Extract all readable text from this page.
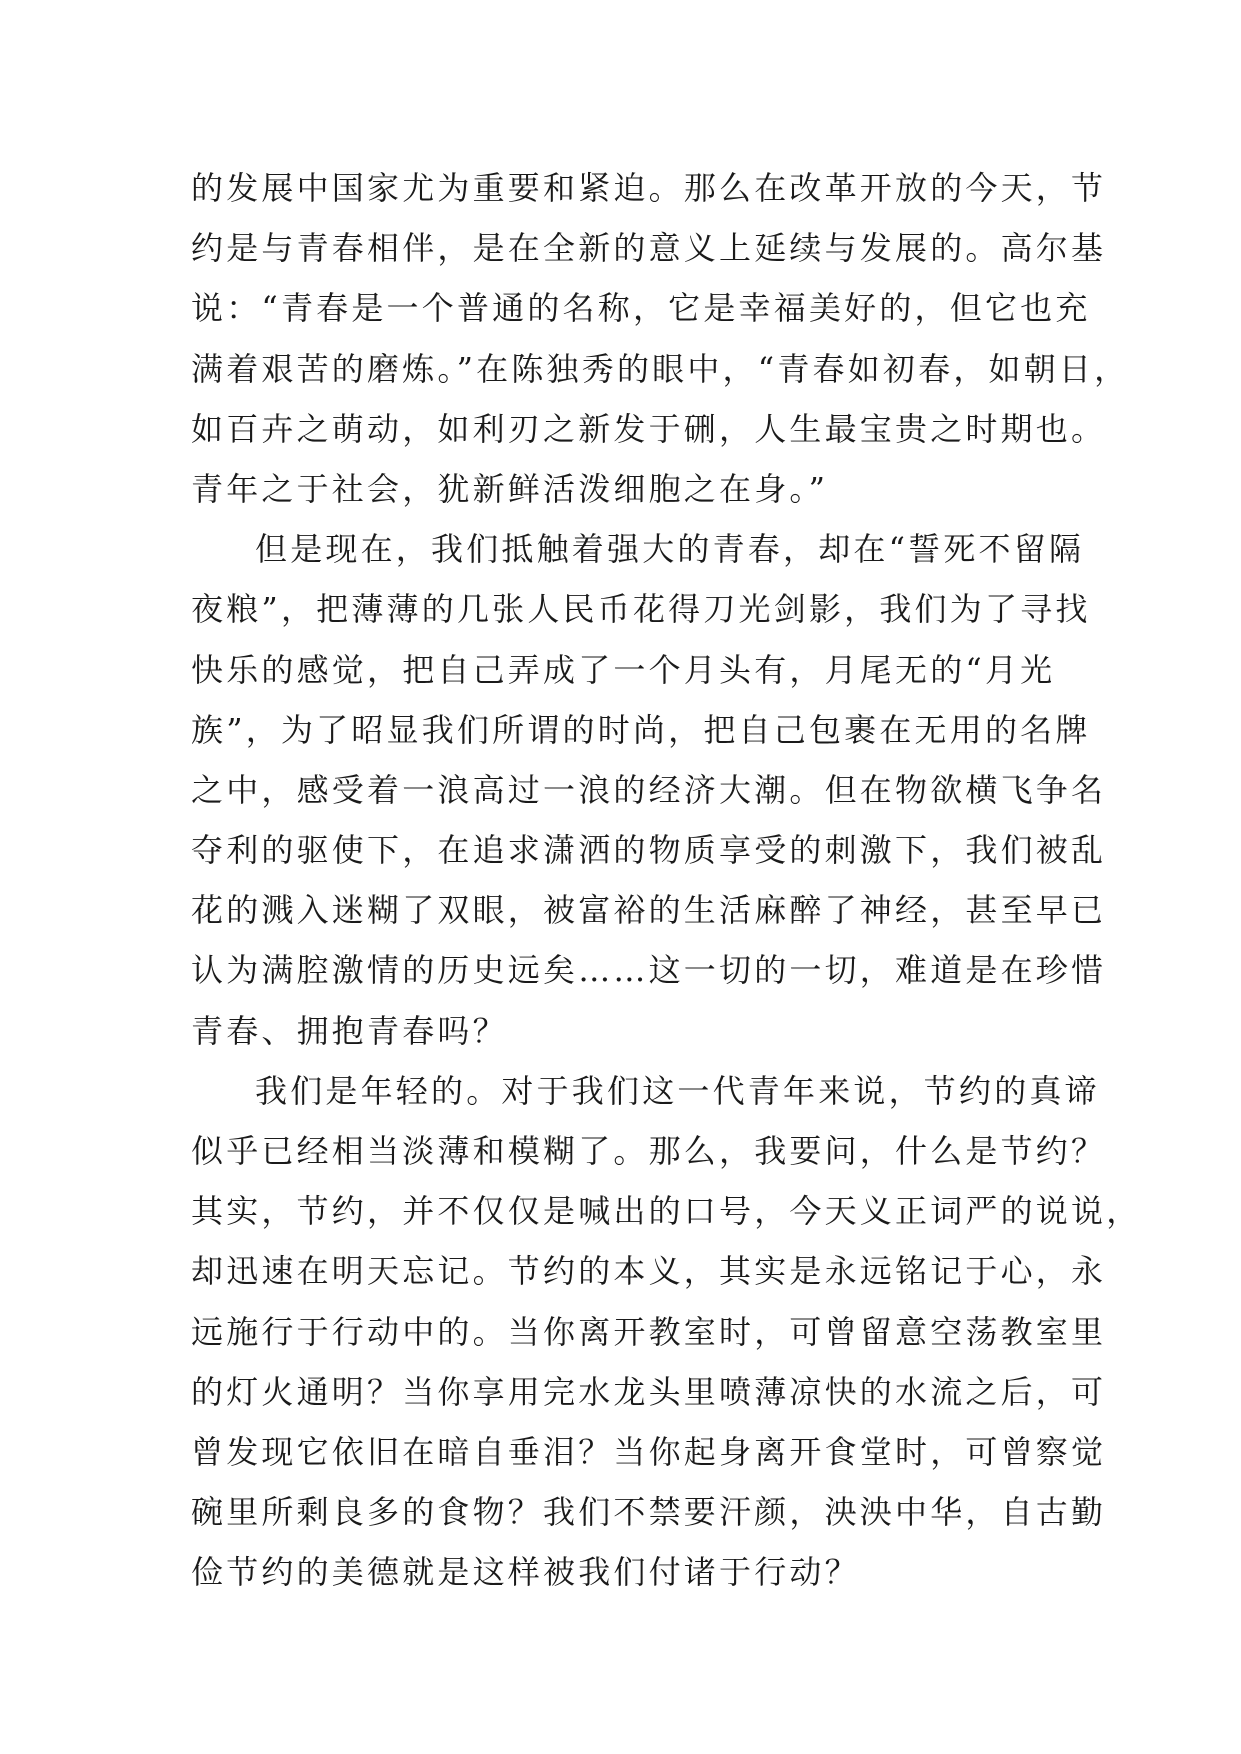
的发展中国家尤为重要和紧迫。那么在改革开放的今天，节
约是与青春相伴，是在全新的意义上延续与发展的。高尔基
说：“青春是一个普通的名称，它是幸福美好的，但它也充
满着艰苦的磨炼。”在陈独秀的眼中，“青春如初春，如朝日，
如百卉之萌动，如利刃之新发于硎，人生最宝贵之时期也。
青年之于社会，犹新鲜活泼细胞之在身。”
但是现在，我们抵触着强大的青春，却在“誓死不留隔
夜粮”，把薄薄的几张人民币花得刀光剑影，我们为了寻找
快乐的感觉，把自己弄成了一个月头有，月尾无的“月光
族”，为了昭显我们所谓的时尚，把自己包裹在无用的名牌
之中，感受着一浪高过一浪的经济大潮。但在物欲横飞争名
夺利的驱使下，在追求潇洒的物质享受的刺激下，我们被乱
花的溅入迷糊了双眼，被富裕的生活麻醉了神经，甚至早已
认为满腔激情的历史远矣……这一切的一切，难道是在珍惜
青春、拥抱青春吗？
我们是年轻的。对于我们这一代青年来说，节约的真谛
似乎已经相当淡薄和模糊了。那么，我要问，什么是节约？
其实，节约，并不仅仅是喊出的口号，今天义正词严的说说，
却迅速在明天忘记。节约的本义，其实是永远铭记于心，永
远施行于行动中的。当你离开教室时，可曾留意空荡教室里
的灯火通明？当你享用完水龙头里喷薄凉快的水流之后，可
曾发现它依旧在暗自垂泪？当你起身离开食堂时，可曾察觉
碗里所剩良多的食物？我们不禁要汗颜，泱泱中华，自古勤
俭节约的美德就是这样被我们付诸于行动？
